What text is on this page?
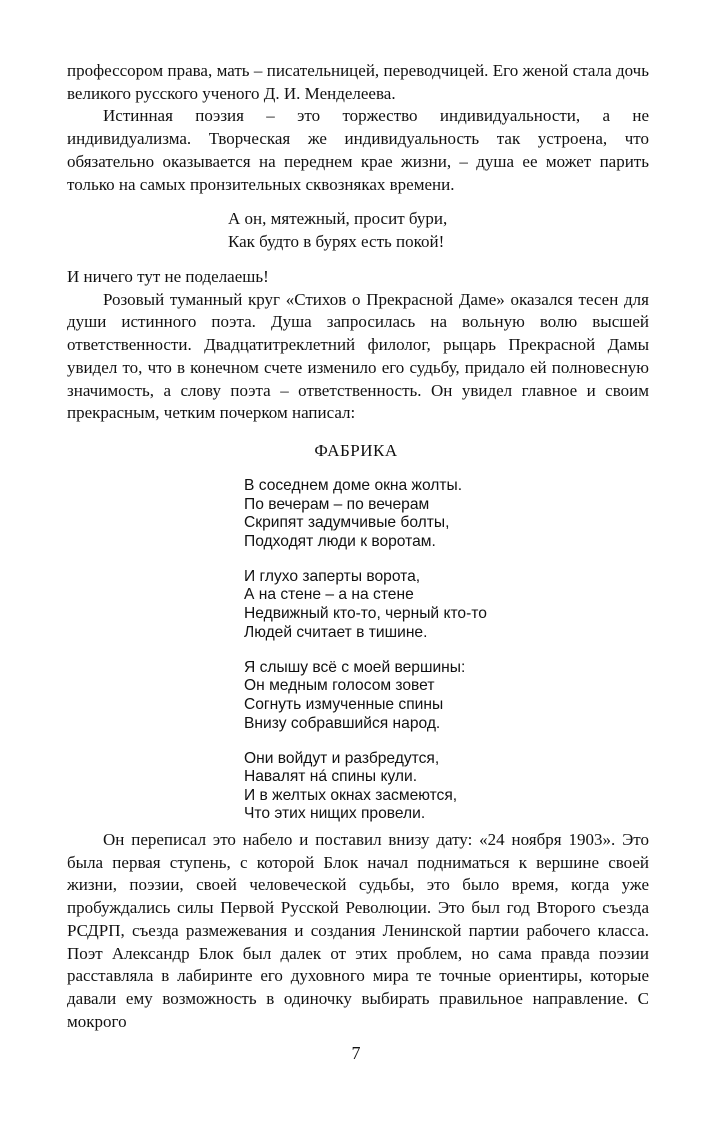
профессором права, мать – писательницей, переводчицей. Его женой стала дочь великого русского ученого Д. И. Менделеева.

Истинная поэзия – это торжество индивидуальности, а не индивидуализма. Творческая же индивидуальность так устроена, что обязательно оказывается на переднем крае жизни, – душа ее может парить только на самых пронзительных сквозняках времени.

А он, мятежный, просит бури,
Как будто в бурях есть покой!

И ничего тут не поделаешь!

Розовый туманный круг «Стихов о Прекрасной Даме» оказался тесен для души истинного поэта. Душа запросилась на вольную волю высшей ответственности. Двадцатитреклетний филолог, рыцарь Прекрасной Дамы увидел то, что в конечном счете изменило его судьбу, придало ей полновесную значимость, а слову поэта – ответственность. Он увидел главное и своим прекрасным, четким почерком написал:

ФАБРИКА
В соседнем доме окна жолты.
По вечерам – по вечерам
Скрипят задумчивые болты,
Подходят люди к воротам.
И глухо заперты ворота,
А на стене – а на стене
Недвижный кто-то, черный кто-то
Людей считает в тишине.
Я слышу всё с моей вершины:
Он медным голосом зовет
Согнуть измученные спины
Внизу собравшийся народ.
Они войдут и разбредутся,
Навалят нá спины кули.
И в желтых окнах засмеются,
Что этих нищих провели.

Он переписал это набело и поставил внизу дату: «24 ноября 1903». Это была первая ступень, с которой Блок начал подниматься к вершине своей жизни, поэзии, своей человеческой судьбы, это было время, когда уже пробуждались силы Первой Русской Революции. Это был год Второго съезда РСДРП, съезда размежевания и создания Ленинской партии рабочего класса. Поэт Александр Блок был далек от этих проблем, но сама правда поэзии расставляла в лабиринте его духовного мира те точные ориентиры, которые давали ему возможность в одиночку выбирать правильное направление. С мокрого

7
